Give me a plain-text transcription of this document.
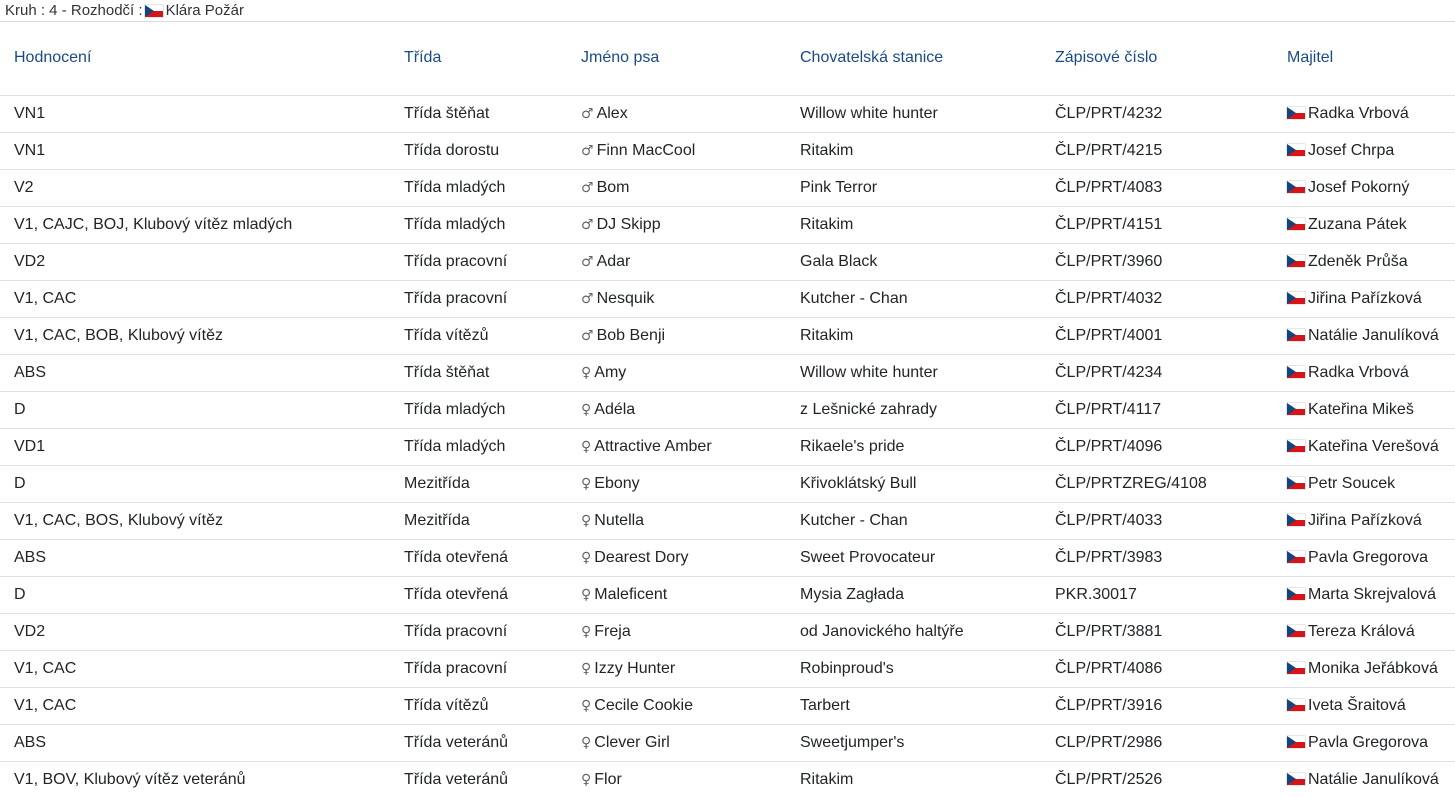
Kruh : 4 - Rozhodčí : Klára Požár
Hodnocení	Třída	Jméno psa	Chovatelská stanice	Zápisové číslo	Majitel
VN1	Třída štěňat	♂ Alex	Willow white hunter	ČLP/PRT/4232	Radka Vrbová
VN1	Třída dorostu	♂ Finn MacCool	Ritakim	ČLP/PRT/4215	Josef Chrpa
V2	Třída mladých	♂ Bom	Pink Terror	ČLP/PRT/4083	Josef Pokorný
V1, CAJC, BOJ, Klubový vítěz mladých	Třída mladých	♂ DJ Skipp	Ritakim	ČLP/PRT/4151	Zuzana Pátek
VD2	Třída pracovní	♂ Adar	Gala Black	ČLP/PRT/3960	Zdeněk Průša
V1, CAC	Třída pracovní	♂ Nesquik	Kutcher - Chan	ČLP/PRT/4032	Jiřina Pařízková
V1, CAC, BOB, Klubový vítěz	Třída vítězů	♂ Bob Benji	Ritakim	ČLP/PRT/4001	Natálie Janulíková
ABS	Třída štěňat	♀ Amy	Willow white hunter	ČLP/PRT/4234	Radka Vrbová
D	Třída mladých	♀ Adéla	z Lešnické zahrady	ČLP/PRT/4117	Kateřina Mikeš
VD1	Třída mladých	♀ Attractive Amber	Rikaele's pride	ČLP/PRT/4096	Kateřina Verešová
D	Mezitřída	♀ Ebony	Křivoklátský Bull	ČLP/PRTZREG/4108	Petr Soucek
V1, CAC, BOS, Klubový vítěz	Mezitřída	♀ Nutella	Kutcher - Chan	ČLP/PRT/4033	Jiřina Pařízková
ABS	Třída otevřená	♀ Dearest Dory	Sweet Provocateur	ČLP/PRT/3983	Pavla Gregorova
D	Třída otevřená	♀ Maleficent	Mysia Zagłada	PKR.30017	Marta Skrejvalová
VD2	Třída pracovní	♀ Freja	od Janovického haltýře	ČLP/PRT/3881	Tereza Králová
V1, CAC	Třída pracovní	♀ Izzy Hunter	Robinproud's	ČLP/PRT/4086	Monika Jeřábková
V1, CAC	Třída vítězů	♀ Cecile Cookie	Tarbert	ČLP/PRT/3916	Iveta Šraitová
ABS	Třída veteránů	♀ Clever Girl	Sweetjumper's	CLP/PRT/2986	Pavla Gregorova
V1, BOV, Klubový vítěz veteránů	Třída veteránů	♀ Flor	Ritakim	ČLP/PRT/2526	Natálie Janulíková
